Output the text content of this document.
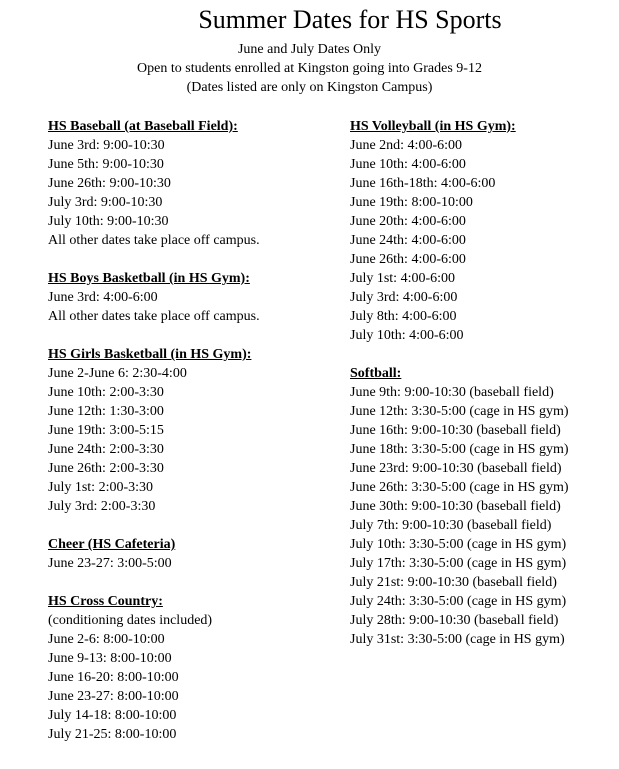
Summer Dates for HS Sports
June and July Dates Only
Open to students enrolled at Kingston going into Grades 9-12
(Dates listed are only on Kingston Campus)
HS Baseball (at Baseball Field):
June 3rd: 9:00-10:30
June 5th: 9:00-10:30
June 26th: 9:00-10:30
July 3rd: 9:00-10:30
July 10th: 9:00-10:30
All other dates take place off campus.
HS Boys Basketball (in HS Gym):
June 3rd: 4:00-6:00
All other dates take place off campus.
HS Girls Basketball (in HS Gym):
June 2-June 6: 2:30-4:00
June 10th: 2:00-3:30
June 12th: 1:30-3:00
June 19th: 3:00-5:15
June 24th: 2:00-3:30
June 26th: 2:00-3:30
July 1st: 2:00-3:30
July 3rd: 2:00-3:30
Cheer (HS Cafeteria)
June 23-27: 3:00-5:00
HS Cross Country:
(conditioning dates included)
June 2-6: 8:00-10:00
June 9-13: 8:00-10:00
June 16-20: 8:00-10:00
June 23-27: 8:00-10:00
July 14-18: 8:00-10:00
July 21-25: 8:00-10:00
HS Volleyball (in HS Gym):
June 2nd: 4:00-6:00
June 10th: 4:00-6:00
June 16th-18th: 4:00-6:00
June 19th: 8:00-10:00
June 20th: 4:00-6:00
June 24th: 4:00-6:00
June 26th: 4:00-6:00
July 1st: 4:00-6:00
July 3rd: 4:00-6:00
July 8th: 4:00-6:00
July 10th: 4:00-6:00
Softball:
June 9th: 9:00-10:30 (baseball field)
June 12th: 3:30-5:00 (cage in HS gym)
June 16th: 9:00-10:30 (baseball field)
June 18th: 3:30-5:00 (cage in HS gym)
June 23rd: 9:00-10:30 (baseball field)
June 26th: 3:30-5:00 (cage in HS gym)
June 30th: 9:00-10:30 (baseball field)
July 7th: 9:00-10:30 (baseball field)
July 10th: 3:30-5:00 (cage in HS gym)
July 17th: 3:30-5:00 (cage in HS gym)
July 21st: 9:00-10:30 (baseball field)
July 24th: 3:30-5:00 (cage in HS gym)
July 28th: 9:00-10:30 (baseball field)
July 31st: 3:30-5:00 (cage in HS gym)
